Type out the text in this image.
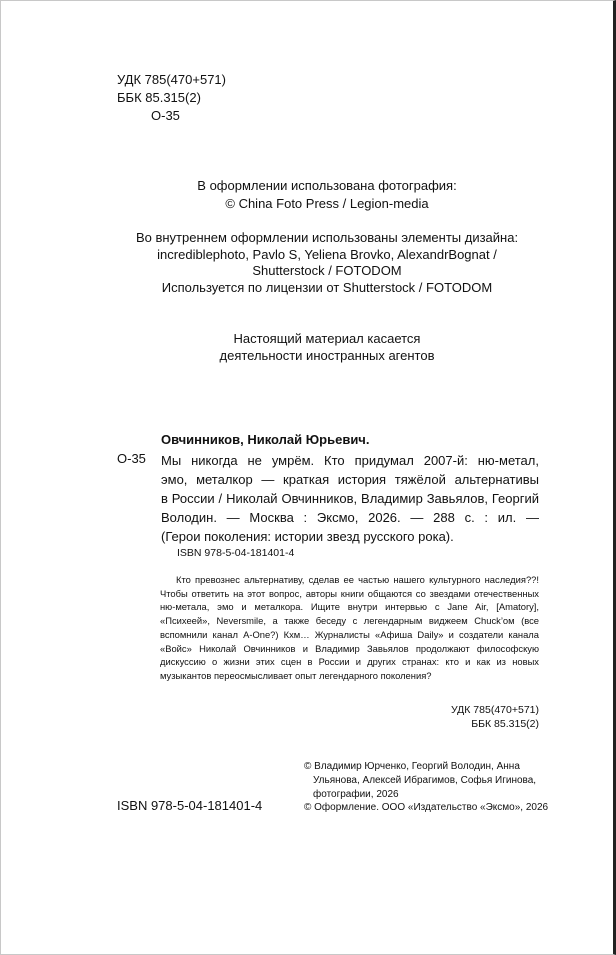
УДК 785(470+571)
ББК 85.315(2)
О-35
В оформлении использована фотография:
© China Foto Press / Legion-media
Во внутреннем оформлении использованы элементы дизайна:
incrediblephoto, Pavlo S, Yeliena Brovko, AlexandrBognat /
Shutterstock / FOTODOM
Используется по лицензии от Shutterstock / FOTODOM
Настоящий материал касается
деятельности иностранных агентов
Овчинников, Николай Юрьевич.
О-35 Мы никогда не умрём. Кто придумал 2007-й: ню-метал,

эмо, металкор — краткая история тяжёлой альтернативы

в России / Николай Овчинников, Владимир Завьялов, Георгий

Володин. — Москва : Эксмо, 2026. — 288 с. : ил. —

(Герои поколения: истории звезд русского рока).

ISBN 978-5-04-181401-4
Кто превознес альтернативу, сделав ее частью нашего культурного наследия??! Чтобы ответить на этот вопрос, авторы книги общаются со звездами отечественных ню-метала, эмо и металкора. Ищите внутри интервью с Jane Air, [Amatory], «Психеей», Neversmile, а также беседу с легендарным виджеем Chuck’ом (все вспомнили канал A-One?) Кхм… Журналисты «Афиша Daily» и создатели канала «Войс» Николай Овчинников и Владимир Завьялов продолжают философскую дискуссию о жизни этих сцен в России и других странах: кто и как из новых музыкантов переосмысливает опыт легендарного поколения?
УДК 785(470+571)
ББК 85.315(2)
© Владимир Юрченко, Георгий Володин, Анна
Ульянова, Алексей Ибрагимов, Софья Игинова,
фотографии, 2026
© Оформление. ООО «Издательство «Эксмо», 2026
ISBN 978-5-04-181401-4
